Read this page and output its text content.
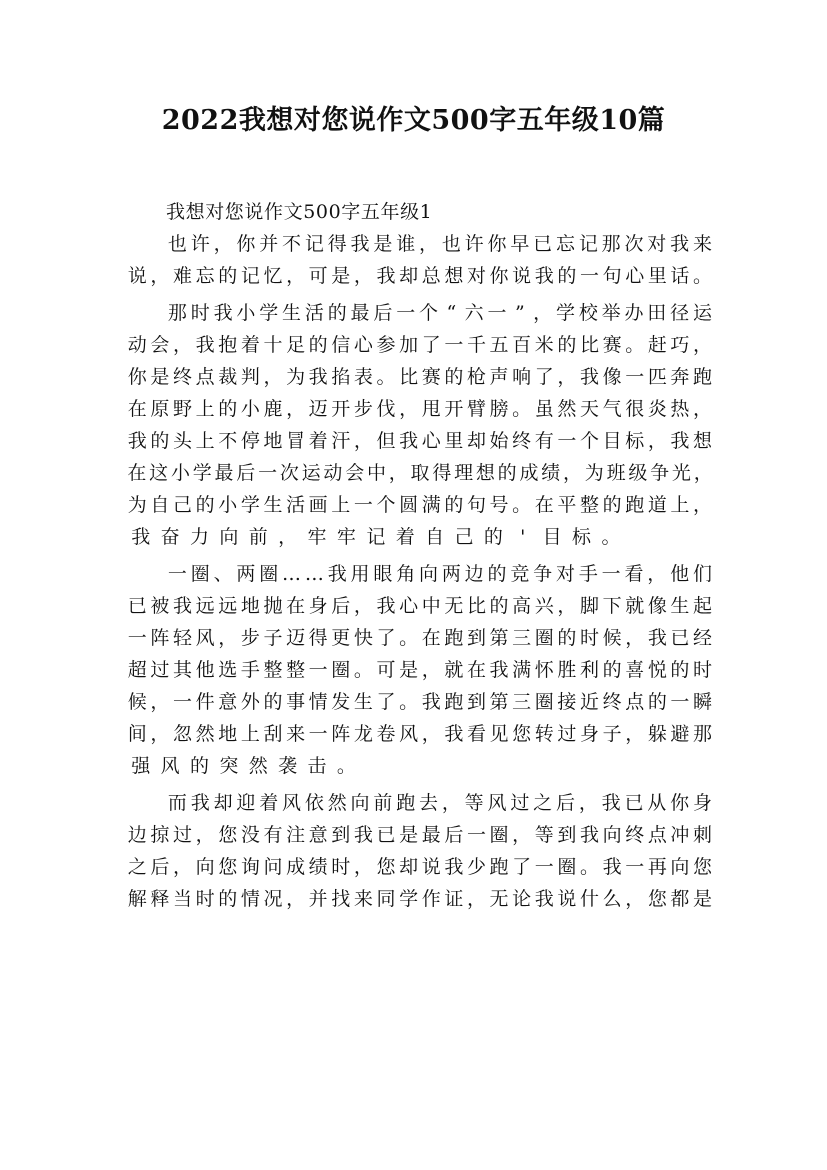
2022我想对您说作文500字五年级10篇
我想对您说作文500字五年级1
也 许 ， 你 并 不 记 得 我 是 谁 ， 也 许 你 早 已 忘 记 那 次 对 我 来
说 ， 难 忘 的 记 忆 ， 可 是 ， 我 却 总 想 对 你 说 我 的 一 句 心 里 话 。
那 时 我 小 学 生 活 的 最 后 一 个 “ 六 一 ” ， 学 校 举 办 田 径 运
动 会 ， 我 抱 着 十 足 的 信 心 参 加 了 一 千 五 百 米 的 比 赛 。 赶 巧 ，
你 是 终 点 裁 判 ， 为 我 掐 表 。 比 赛 的 枪 声 响 了 ， 我 像 一 匹 奔 跑
在 原 野 上 的 小 鹿 ， 迈 开 步 伐 ， 甩 开 臂 膀 。 虽 然 天 气 很 炎 热 ，
我 的 头 上 不 停 地 冒 着 汗 ， 但 我 心 里 却 始 终 有 一 个 目 标 ， 我 想
在 这 小 学 最 后 一 次 运 动 会 中 ， 取 得 理 想 的 成 绩 ， 为 班 级 争 光 ，
为 自 己 的 小 学 生 活 画 上 一 个 圆 满 的 句 号 。 在 平 整 的 跑 道 上 ，
我 奋 力 向 前 ， 牢 牢 记 着 自 己 的 ' 目 标 。
一 圈 、 两 圈 … … 我 用 眼 角 向 两 边 的 竞 争 对 手 一 看 ， 他 们
已 被 我 远 远 地 抛 在 身 后 ， 我 心 中 无 比 的 高 兴 ， 脚 下 就 像 生 起
一 阵 轻 风 ， 步 子 迈 得 更 快 了 。 在 跑 到 第 三 圈 的 时 候 ， 我 已 经
超 过 其 他 选 手 整 整 一 圈 。 可 是 ， 就 在 我 满 怀 胜 利 的 喜 悦 的 时
候 ， 一 件 意 外 的 事 情 发 生 了 。 我 跑 到 第 三 圈 接 近 终 点 的 一 瞬
间 ， 忽 然 地 上 刮 来 一 阵 龙 卷 风 ， 我 看 见 您 转 过 身 子 ， 躲 避 那
强 风 的 突 然 袭 击 。
而 我 却 迎 着 风 依 然 向 前 跑 去 ， 等 风 过 之 后 ， 我 已 从 你 身
边 掠 过 ， 您 没 有 注 意 到 我 已 是 最 后 一 圈 ， 等 到 我 向 终 点 冲 刺
之 后 ， 向 您 询 问 成 绩 时 ， 您 却 说 我 少 跑 了 一 圈 。 我 一 再 向 您
解 释 当 时 的 情 况 ， 并 找 来 同 学 作 证 ， 无 论 我 说 什 么 ， 您 都 是
